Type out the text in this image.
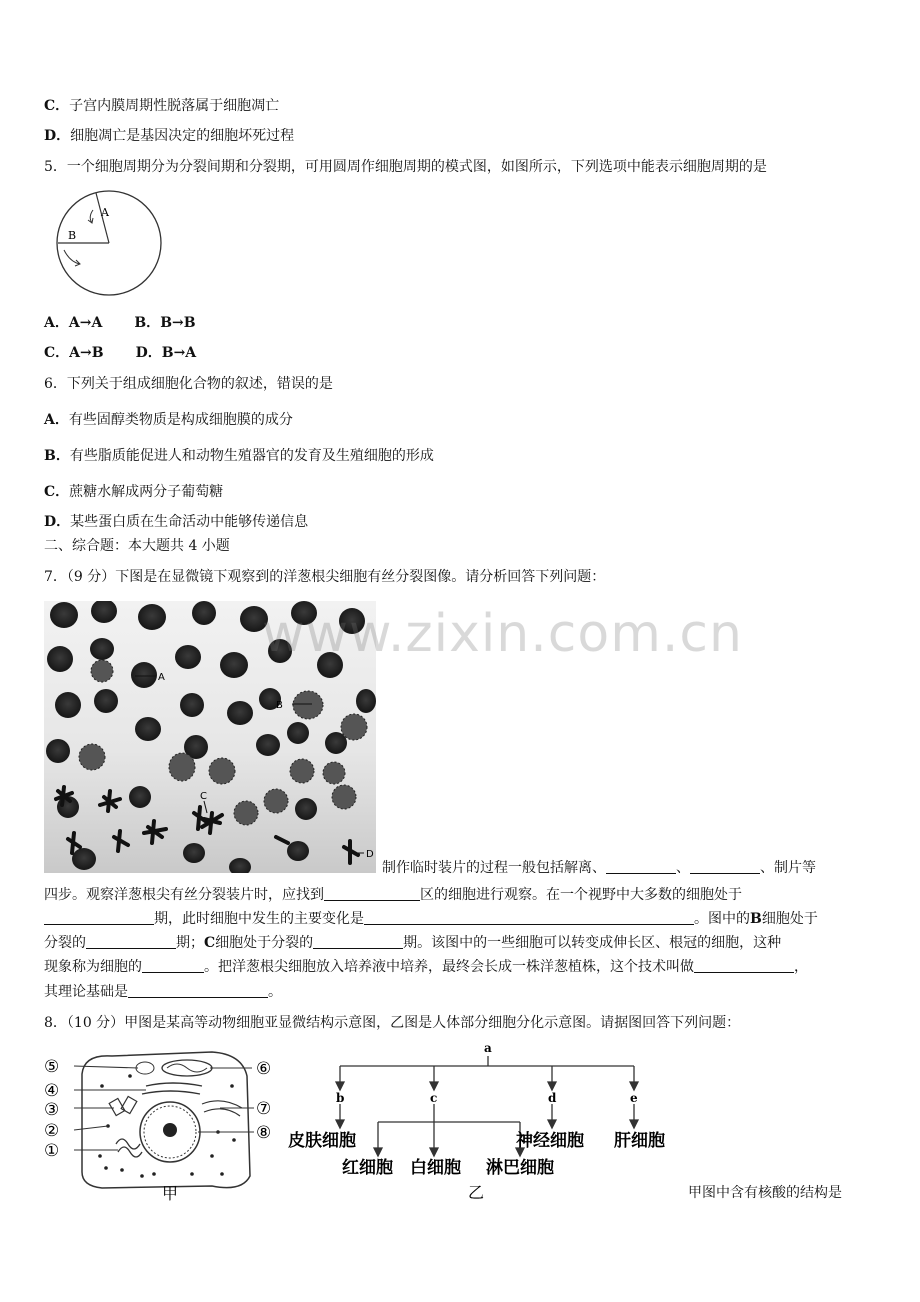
C．子宫内膜周期性脱落属于细胞凋亡
D．细胞凋亡是基因决定的细胞坏死过程
5．一个细胞周期分为分裂间期和分裂期，可用圆周作细胞周期的模式图，如图所示，下列选项中能表示细胞周期的是
A
B
A．A→A B．B→B
C．A→B D．B→A
6．下列关于组成细胞化合物的叙述，错误的是
A．有些固醇类物质是构成细胞膜的成分
B．有些脂质能促进人和动物生殖器官的发育及生殖细胞的形成
C．蔗糖水解成两分子葡萄糖
D．某些蛋白质在生命活动中能够传递信息
二、综合题：本大题共 4 小题
7．（9 分）下图是在显微镜下观察到的洋葱根尖细胞有丝分裂图像。请分析回答下列问题：
A
B
C
D
www.zixin.com.cn
制作临时装片的过程一般包括解离、	、	、制片等
四步。观察洋葱根尖有丝分裂装片时，应找到	区的细胞进行观察。在一个视野中大多数的细胞处于
期，此时细胞中发生的主要变化是	。图中的B细胞处于
分裂的	期；C细胞处于分裂的	期。该图中的一些细胞可以转变成伸长区、根冠的细胞，这种
现象称为细胞的	。把洋葱根尖细胞放入培养液中培养，最终会长成一株洋葱植株，这个技术叫做	，
其理论基础是	。
8．（10 分）甲图是某高等动物细胞亚显微结构示意图，乙图是人体部分细胞分化示意图。请据图回答下列问题：
⑤
④
③
②
①
⑥
⑦
⑧
甲
a
b	c	d	e
皮肤细胞	神经细胞 肝细胞
红细胞 白细胞 淋巴细胞
乙	甲图中含有核酸的结构是
